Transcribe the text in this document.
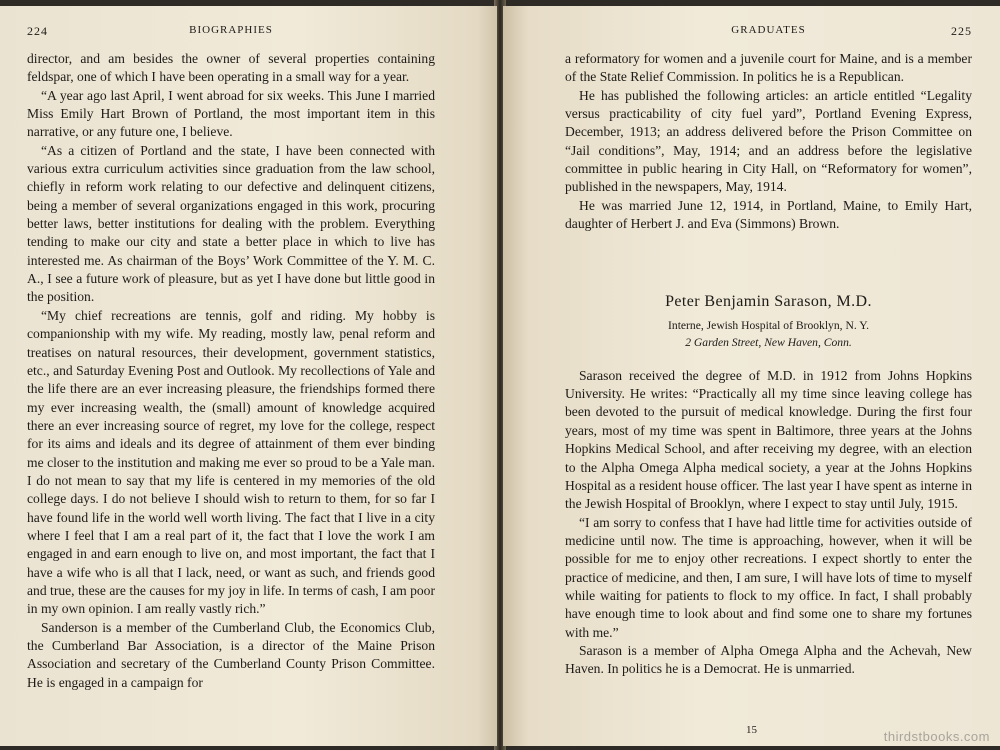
224	BIOGRAPHIES

director, and am besides the owner of several properties containing feldspar, one of which I have been operating in a small way for a year.

“A year ago last April, I went abroad for six weeks. This June I married Miss Emily Hart Brown of Portland, the most important item in this narrative, or any future one, I believe.

“As a citizen of Portland and the state, I have been connected with various extra curriculum activities since graduation from the law school, chiefly in reform work relating to our defective and delinquent citizens, being a member of several organizations engaged in this work, procuring better laws, better institutions for dealing with the problem. Everything tending to make our city and state a better place in which to live has interested me. As chairman of the Boys’ Work Committee of the Y. M. C. A., I see a future work of pleasure, but as yet I have done but little good in the position.

“My chief recreations are tennis, golf and riding. My hobby is companionship with my wife. My reading, mostly law, penal reform and treatises on natural resources, their development, government statistics, etc., and Saturday Evening Post and Outlook. My recollections of Yale and the life there are an ever increasing pleasure, the friendships formed there my ever increasing wealth, the (small) amount of knowledge acquired there an ever increasing source of regret, my love for the college, respect for its aims and ideals and its degree of attainment of them ever binding me closer to the institution and making me ever so proud to be a Yale man. I do not mean to say that my life is centered in my memories of the old college days. I do not believe I should wish to return to them, for so far I have found life in the world well worth living. The fact that I live in a city where I feel that I am a real part of it, the fact that I love the work I am engaged in and earn enough to live on, and most important, the fact that I have a wife who is all that I lack, need, or want as such, and friends good and true, these are the causes for my joy in life. In terms of cash, I am poor in my own opinion. I am really vastly rich.”

Sanderson is a member of the Cumberland Club, the Economics Club, the Cumberland Bar Association, is a director of the Maine Prison Association and secretary of the Cumberland County Prison Committee. He is engaged in a campaign for

GRADUATES	225

a reformatory for women and a juvenile court for Maine, and is a member of the State Relief Commission. In politics he is a Republican.

He has published the following articles: an article entitled “Legality versus practicability of city fuel yard”, Portland Evening Express, December, 1913; an address delivered before the Prison Committee on “Jail conditions”, May, 1914; and an address before the legislative committee in public hearing in City Hall, on “Reformatory for women”, published in the newspapers, May, 1914.

He was married June 12, 1914, in Portland, Maine, to Emily Hart, daughter of Herbert J. and Eva (Simmons) Brown.

Peter Benjamin Sarason, M.D.
Interne, Jewish Hospital of Brooklyn, N. Y.
2 Garden Street, New Haven, Conn.

Sarason received the degree of M.D. in 1912 from Johns Hopkins University. He writes: “Practically all my time since leaving college has been devoted to the pursuit of medical knowledge. During the first four years, most of my time was spent in Baltimore, three years at the Johns Hopkins Medical School, and after receiving my degree, with an election to the Alpha Omega Alpha medical society, a year at the Johns Hopkins Hospital as a resident house officer. The last year I have spent as interne in the Jewish Hospital of Brooklyn, where I expect to stay until July, 1915.

“I am sorry to confess that I have had little time for activities outside of medicine until now. The time is approaching, however, when it will be possible for me to enjoy other recreations. I expect shortly to enter the practice of medicine, and then, I am sure, I will have lots of time to myself while waiting for patients to flock to my office. In fact, I shall probably have enough time to look about and find some one to share my fortunes with me.”

Sarason is a member of Alpha Omega Alpha and the Achevah, New Haven. In politics he is a Democrat. He is unmarried.

15	thirdstbooks.com
